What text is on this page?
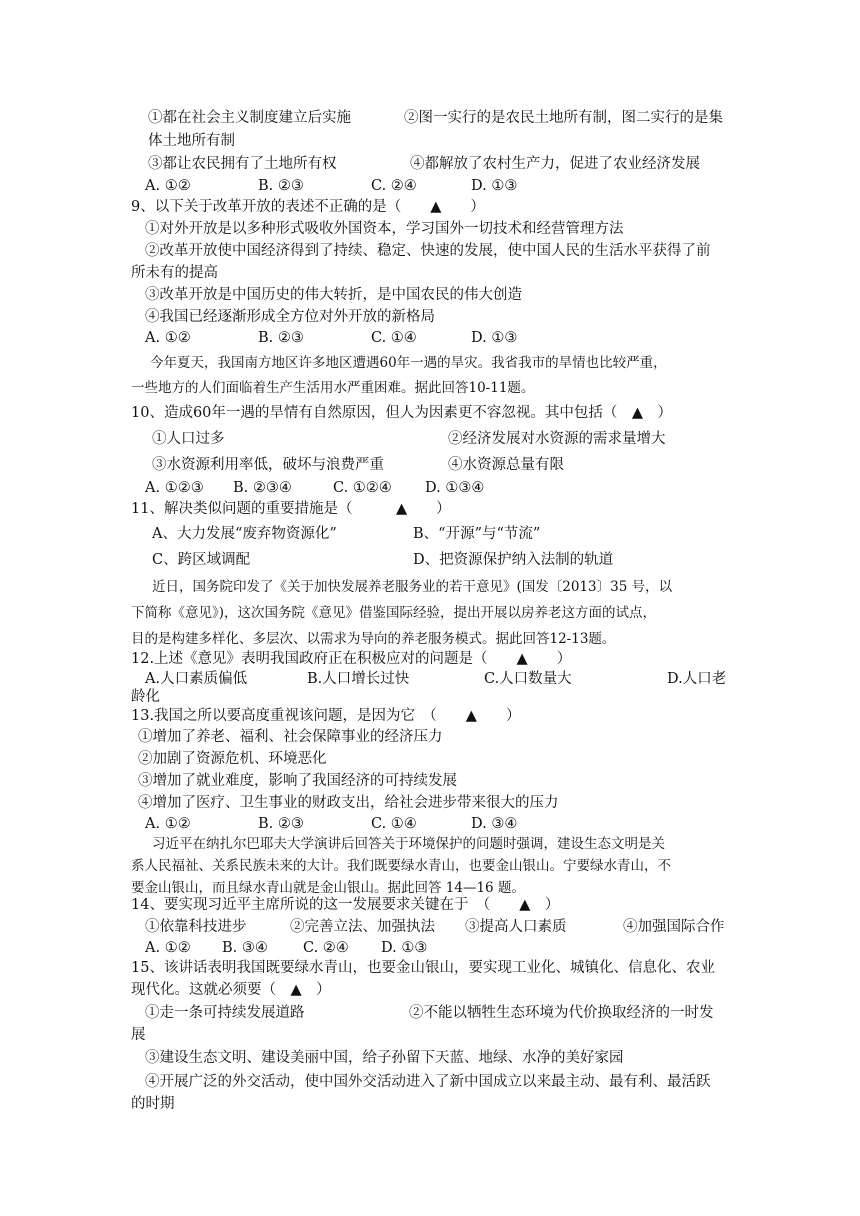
①都在社会主义制度建立后实施	②图一实行的是农民土地所有制，图二实行的是集
体土地所有制
③都让农民拥有了土地所有权	④都解放了农村生产力，促进了农业经济发展
A. ①②	B. ②③	C. ②④	D. ①③
9、以下关于改革开放的表述不正确的是（　　▲　　）
①对外开放是以多种形式吸收外国资本，学习国外一切技术和经营管理方法
②改革开放使中国经济得到了持续、稳定、快速的发展，使中国人民的生活水平获得了前
所未有的提高
③改革开放是中国历史的伟大转折，是中国农民的伟大创造
④我国已经逐渐形成全方位对外开放的新格局
A. ①②	B. ②③	C. ①④	D. ①③
今年夏天，我国南方地区许多地区遭遇60年一遇的旱灾。我省我市的旱情也比较严重，
一些地方的人们面临着生产生活用水严重困难。据此回答10-11题。
10、造成60年一遇的旱情有自然原因，但人为因素更不容忽视。其中包括（　▲　）
①人口过多	②经济发展对水资源的需求量增大
③水资源利用率低，破坏与浪费严重	④水资源总量有限
A. ①②③ B. ②③④	C. ①②④ D. ①③④
11、解决类似问题的重要措施是（　　　▲　　）
A、大力发展“废弃物资源化”	B、“开源”与“节流”
C、跨区域调配	D、把资源保护纳入法制的轨道
近日，国务院印发了《关于加快发展养老服务业的若干意见》(国发〔2013〕35 号，以
下简称《意见》)，这次国务院《意见》借鉴国际经验，提出开展以房养老这方面的试点，
目的是构建多样化、多层次、以需求为导向的养老服务模式。据此回答12-13题。
12.上述《意见》表明我国政府正在积极应对的问题是（　　▲　　）
A.人口素质偏低	B.人口增长过快	C.人口数量大	D.人口老
龄化
13.我国之所以要高度重视该问题，是因为它　（　　▲　　）
①增加了养老、福利、社会保障事业的经济压力
②加剧了资源危机、环境恶化
③增加了就业难度，影响了我国经济的可持续发展
④增加了医疗、卫生事业的财政支出，给社会进步带来很大的压力
A. ①②	B. ②③	C. ①④	D. ③④
习近平在纳扎尔巴耶夫大学演讲后回答关于环境保护的问题时强调，建设生态文明是关
系人民福祉、关系民族未来的大计。我们既要绿水青山，也要金山银山。宁要绿水青山，不
要金山银山，而且绿水青山就是金山银山。据此回答 14—16 题。
14、要实现习近平主席所说的这一发展要求关键在于　（　　▲　）
①依靠科技进步	②完善立法、加强执法 ③提高人口素质	④加强国际合作
A. ①② B. ③④ C. ②④ D. ①③
15、该讲话表明我国既要绿水青山，也要金山银山，要实现工业化、城镇化、信息化、农业
现代化。这就必须要（　▲　）
①走一条可持续发展道路	②不能以牺牲生态环境为代价换取经济的一时发
展
③建设生态文明、建设美丽中国，给子孙留下天蓝、地绿、水净的美好家园
④开展广泛的外交活动，使中国外交活动进入了新中国成立以来最主动、最有利、最活跃
的时期
